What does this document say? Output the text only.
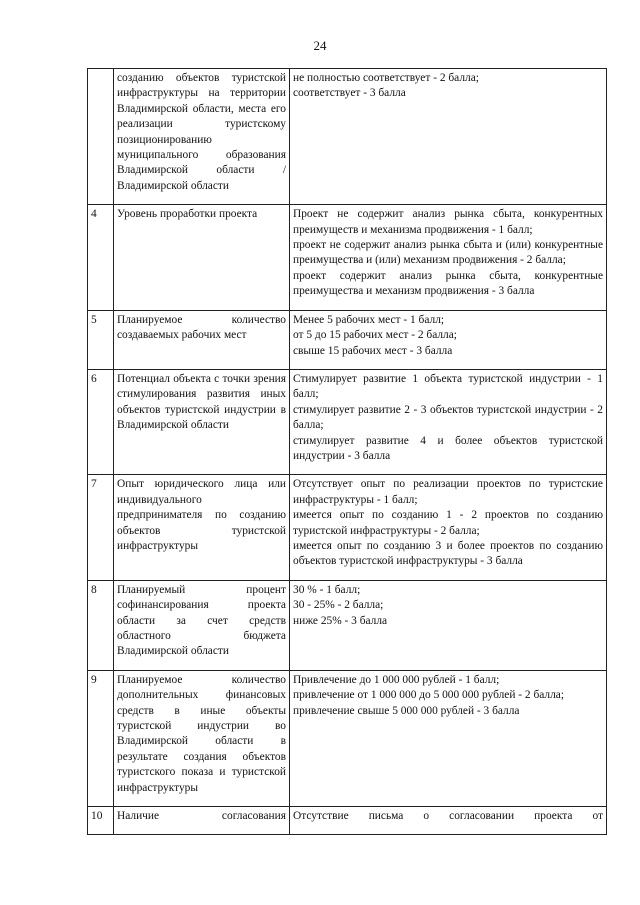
24
	созданию объектов туристской инфраструктуры на территории Владимирской области, места его реализации туристскому позиционированию муниципального образования Владимирской области / Владимирской области	не полностью соответствует - 2 балла;
соответствует - 3 балла

4	Уровень проработки проекта	Проект не содержит анализ рынка сбыта, конкурентных преимуществ и механизма продвижения - 1 балл;
проект не содержит анализ рынка сбыта и (или) конкурентные преимущества и (или) механизм продвижения - 2 балла;
проект содержит анализ рынка сбыта, конкурентные преимущества и механизм продвижения - 3 балла

5	Планируемое количество создаваемых рабочих мест	Менее 5 рабочих мест - 1 балл;
от 5 до 15 рабочих мест - 2 балла;
свыше 15 рабочих мест - 3 балла

6	Потенциал объекта с точки зрения стимулирования развития иных объектов туристской индустрии в Владимирской области	Стимулирует развитие 1 объекта туристской индустрии - 1 балл;
стимулирует развитие 2 - 3 объектов туристской индустрии - 2 балла;
стимулирует развитие 4 и более объектов туристской индустрии - 3 балла

7	Опыт юридического лица или индивидуального предпринимателя по созданию объектов туристской инфраструктуры	Отсутствует опыт по реализации проектов по туристские инфраструктуры - 1 балл;
имеется опыт по созданию 1 - 2 проектов по созданию туристской инфраструктуры - 2 балла;
имеется опыт по созданию 3 и более проектов по созданию объектов туристской инфраструктуры - 3 балла

8	Планируемый процент софинансирования проекта области за счет средств областного бюджета Владимирской области	30 % - 1 балл;
30 - 25% - 2 балла;
ниже 25% - 3 балла

9	Планируемое количество дополнительных финансовых средств в иные объекты туристской индустрии во Владимирской области в результате создания объектов туристского показа и туристской инфраструктуры	Привлечение до 1 000 000 рублей - 1 балл;
привлечение от 1 000 000 до 5 000 000 рублей - 2 балла;
привлечение свыше 5 000 000 рублей - 3 балла

10	Наличие согласования	Отсутствие письма о согласовании проекта от
